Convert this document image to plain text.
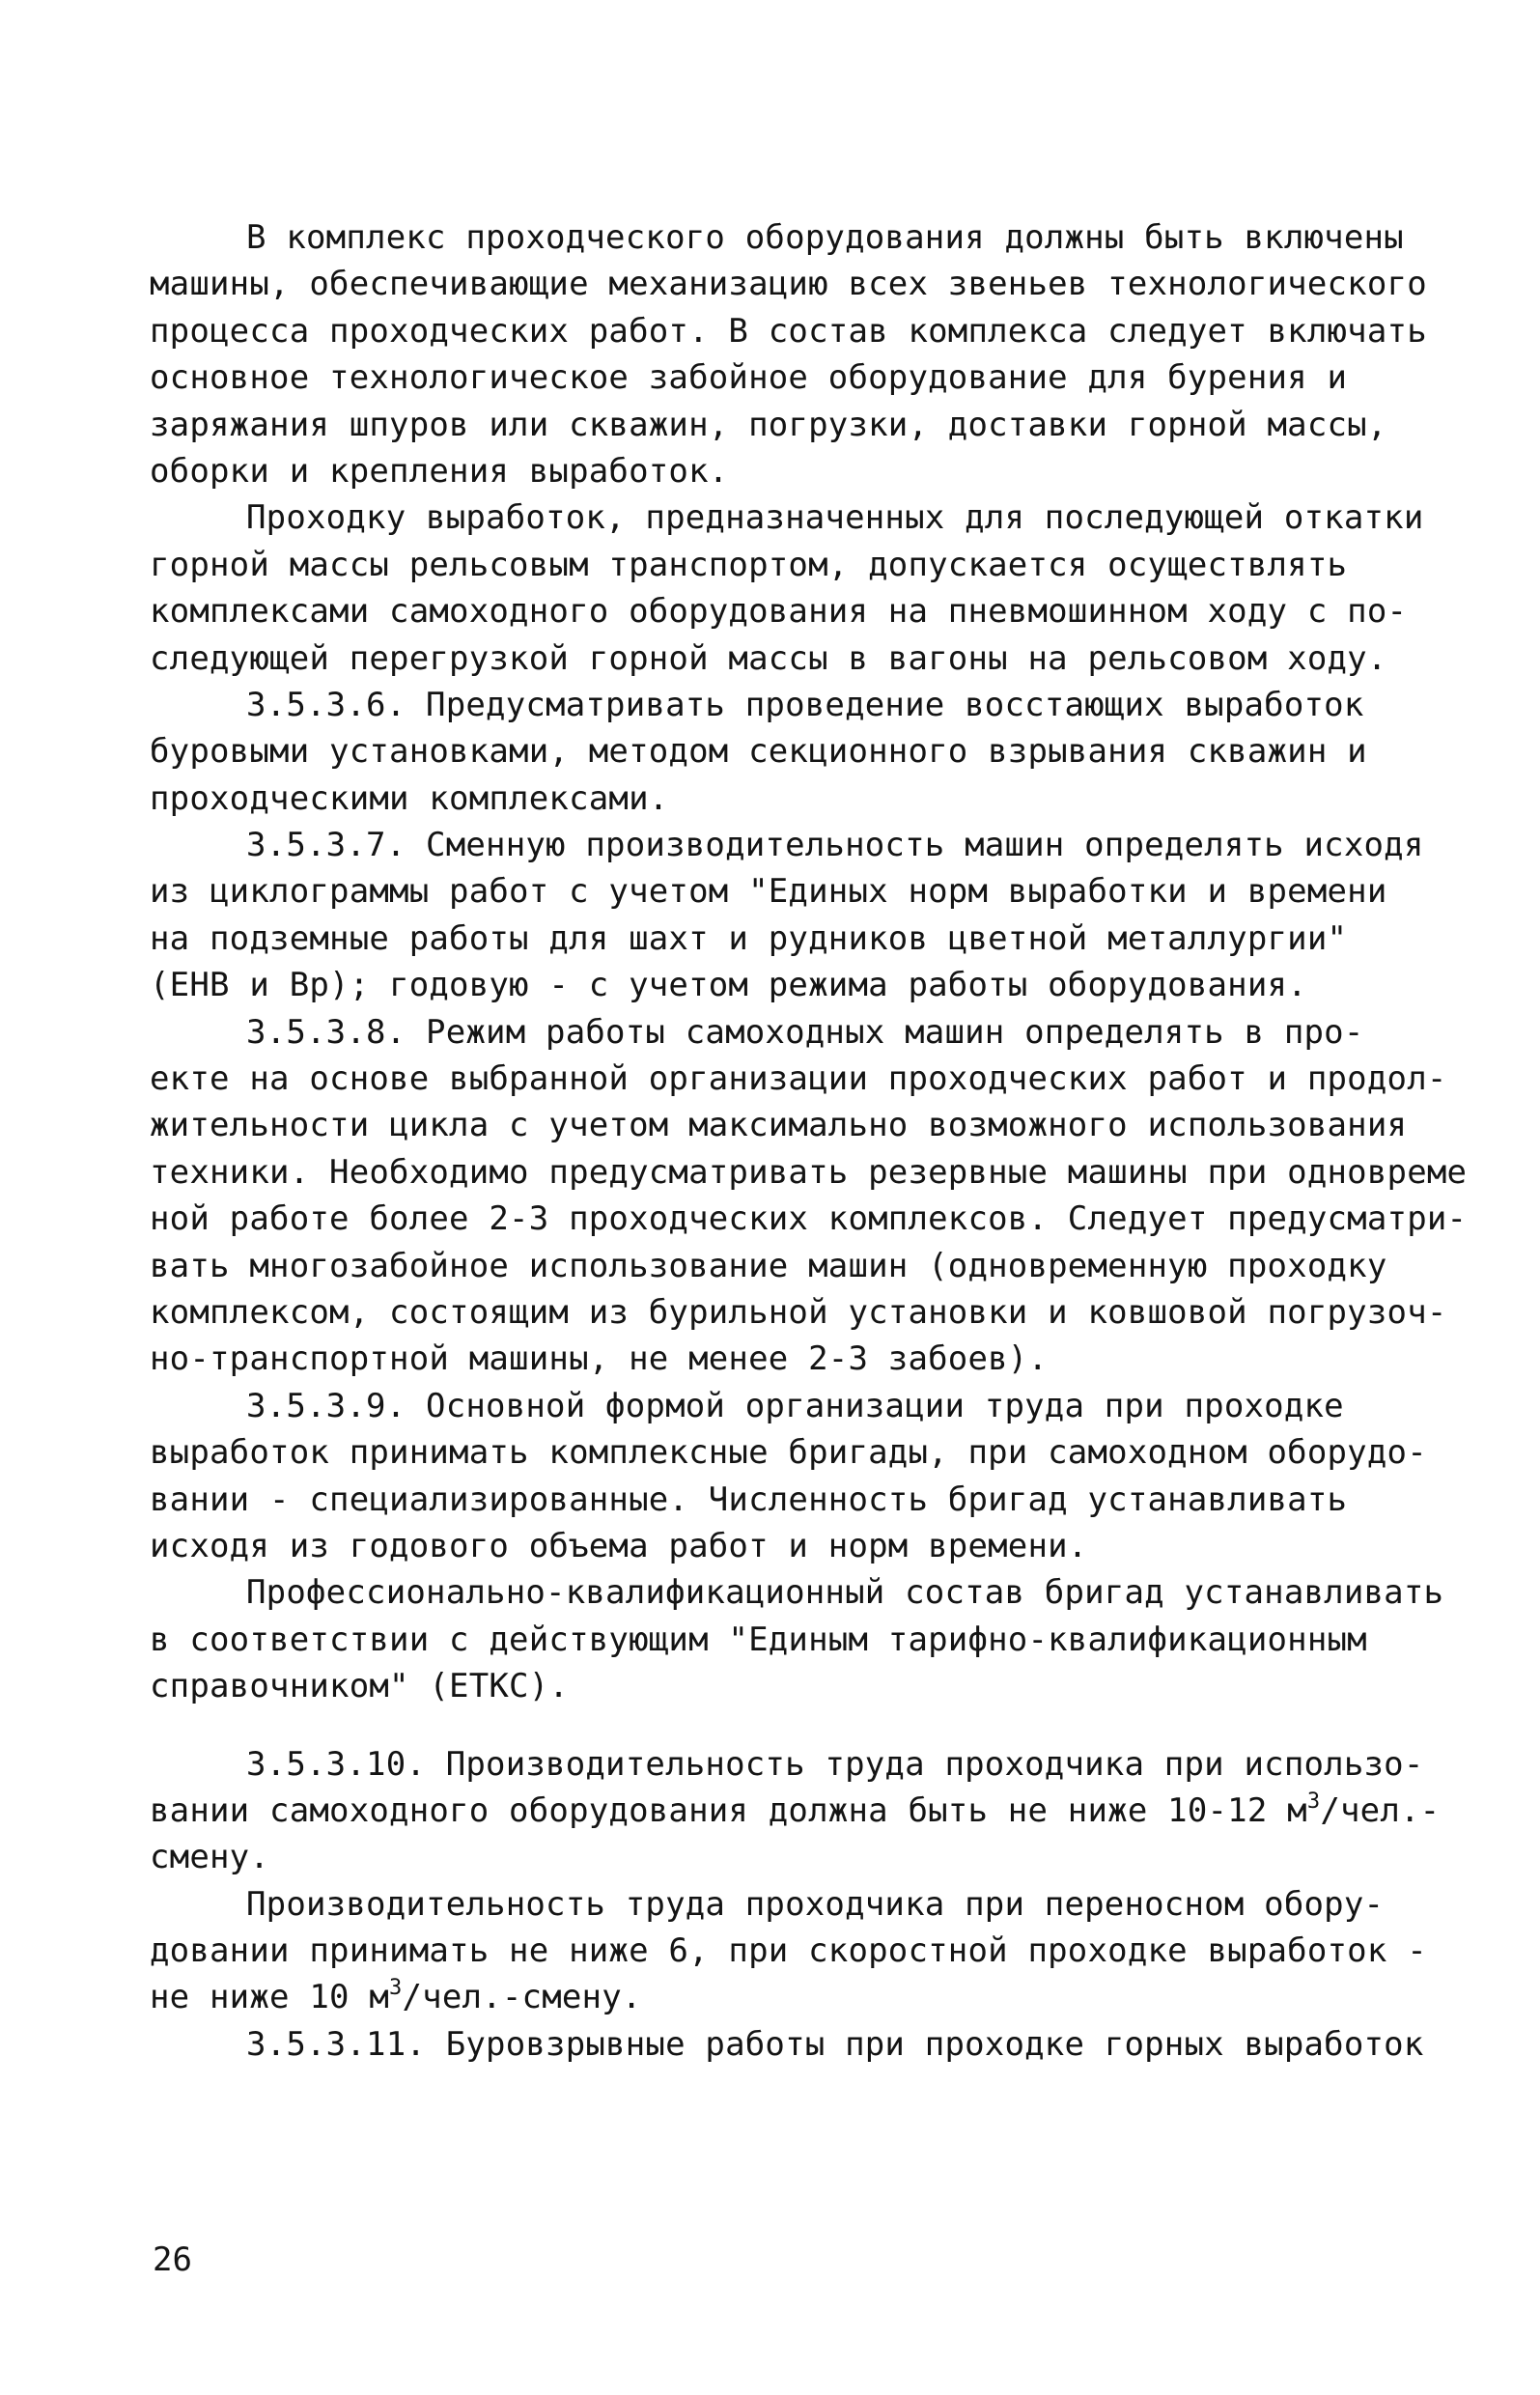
В комплекс проходческого оборудования должны быть включены
машины, обеспечивающие механизацию всех звеньев технологического
процесса проходческих работ. В состав комплекса следует включать
основное технологическое забойное оборудование для бурения и
заряжания шпуров или скважин, погрузки, доставки горной массы,
оборки и крепления выработок.
Проходку выработок, предназначенных для последующей откатки
горной массы рельсовым транспортом, допускается осуществлять
комплексами самоходного оборудования на пневмошинном ходу с по-
следующей перегрузкой горной массы в вагоны на рельсовом ходу.
3.5.3.6. Предусматривать проведение восстающих выработок
буровыми установками, методом секционного взрывания скважин и
проходческими комплексами.
3.5.3.7. Сменную производительность машин определять исходя
из циклограммы работ с учетом "Единых норм выработки и времени
на подземные работы для шахт и рудников цветной металлургии"
(ЕНВ и Вр); годовую - с учетом режима работы оборудования.
3.5.3.8. Режим работы самоходных машин определять в про-
екте на основе выбранной организации проходческих работ и продол-
жительности цикла с учетом максимально возможного использования
техники. Необходимо предусматривать резервные машины при одновреме
ной работе более 2-3 проходческих комплексов. Следует предусматри-
вать многозабойное использование машин (одновременную проходку
комплексом, состоящим из бурильной установки и ковшовой погрузоч-
но-транспортной машины, не менее 2-3 забоев).
3.5.3.9. Основной формой организации труда при проходке
выработок принимать комплексные бригады, при самоходном оборудо-
вании - специализированные. Численность бригад устанавливать
исходя из годового объема работ и норм времени.
Профессионально-квалификационный состав бригад устанавливать
в соответствии с действующим "Единым тарифно-квалификационным
справочником" (ЕТКС).
3.5.3.10. Производительность труда проходчика при использо-
вании самоходного оборудования должна быть не ниже 10-12 $м^3/чел.-$
смену.
Производительность труда проходчика при переносном обору-
довании принимать не ниже 6, при скоростной проходке выработок -
не ниже 10 $м^3/чел$.-смену.
3.5.3.11. Буровзрывные работы при проходке горных выработок
26
